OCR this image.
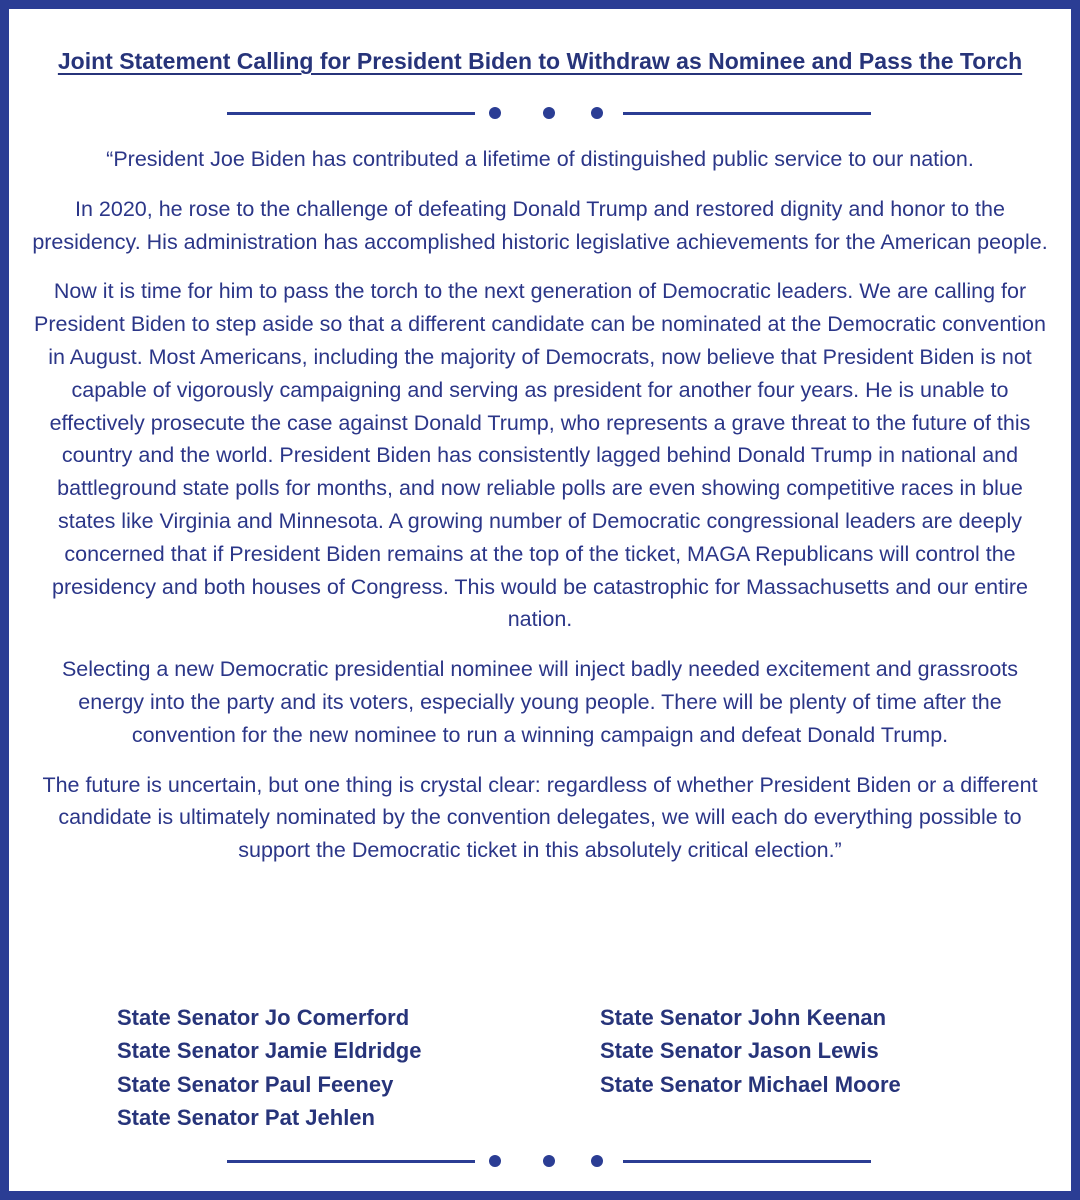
Joint Statement Calling for President Biden to Withdraw as Nominee and Pass the Torch

“President Joe Biden has contributed a lifetime of distinguished public service to our nation.

In 2020, he rose to the challenge of defeating Donald Trump and restored dignity and honor to the presidency. His administration has accomplished historic legislative achievements for the American people.

Now it is time for him to pass the torch to the next generation of Democratic leaders. We are calling for President Biden to step aside so that a different candidate can be nominated at the Democratic convention in August. Most Americans, including the majority of Democrats, now believe that President Biden is not capable of vigorously campaigning and serving as president for another four years. He is unable to effectively prosecute the case against Donald Trump, who represents a grave threat to the future of this country and the world. President Biden has consistently lagged behind Donald Trump in national and battleground state polls for months, and now reliable polls are even showing competitive races in blue states like Virginia and Minnesota. A growing number of Democratic congressional leaders are deeply concerned that if President Biden remains at the top of the ticket, MAGA Republicans will control the presidency and both houses of Congress. This would be catastrophic for Massachusetts and our entire nation.

Selecting a new Democratic presidential nominee will inject badly needed excitement and grassroots energy into the party and its voters, especially young people. There will be plenty of time after the convention for the new nominee to run a winning campaign and defeat Donald Trump.

The future is uncertain, but one thing is crystal clear: regardless of whether President Biden or a different candidate is ultimately nominated by the convention delegates, we will each do everything possible to support the Democratic ticket in this absolutely critical election.”

State Senator Jo Comerford
State Senator Jamie Eldridge
State Senator Paul Feeney
State Senator Pat Jehlen
State Senator John Keenan
State Senator Jason Lewis
State Senator Michael Moore
